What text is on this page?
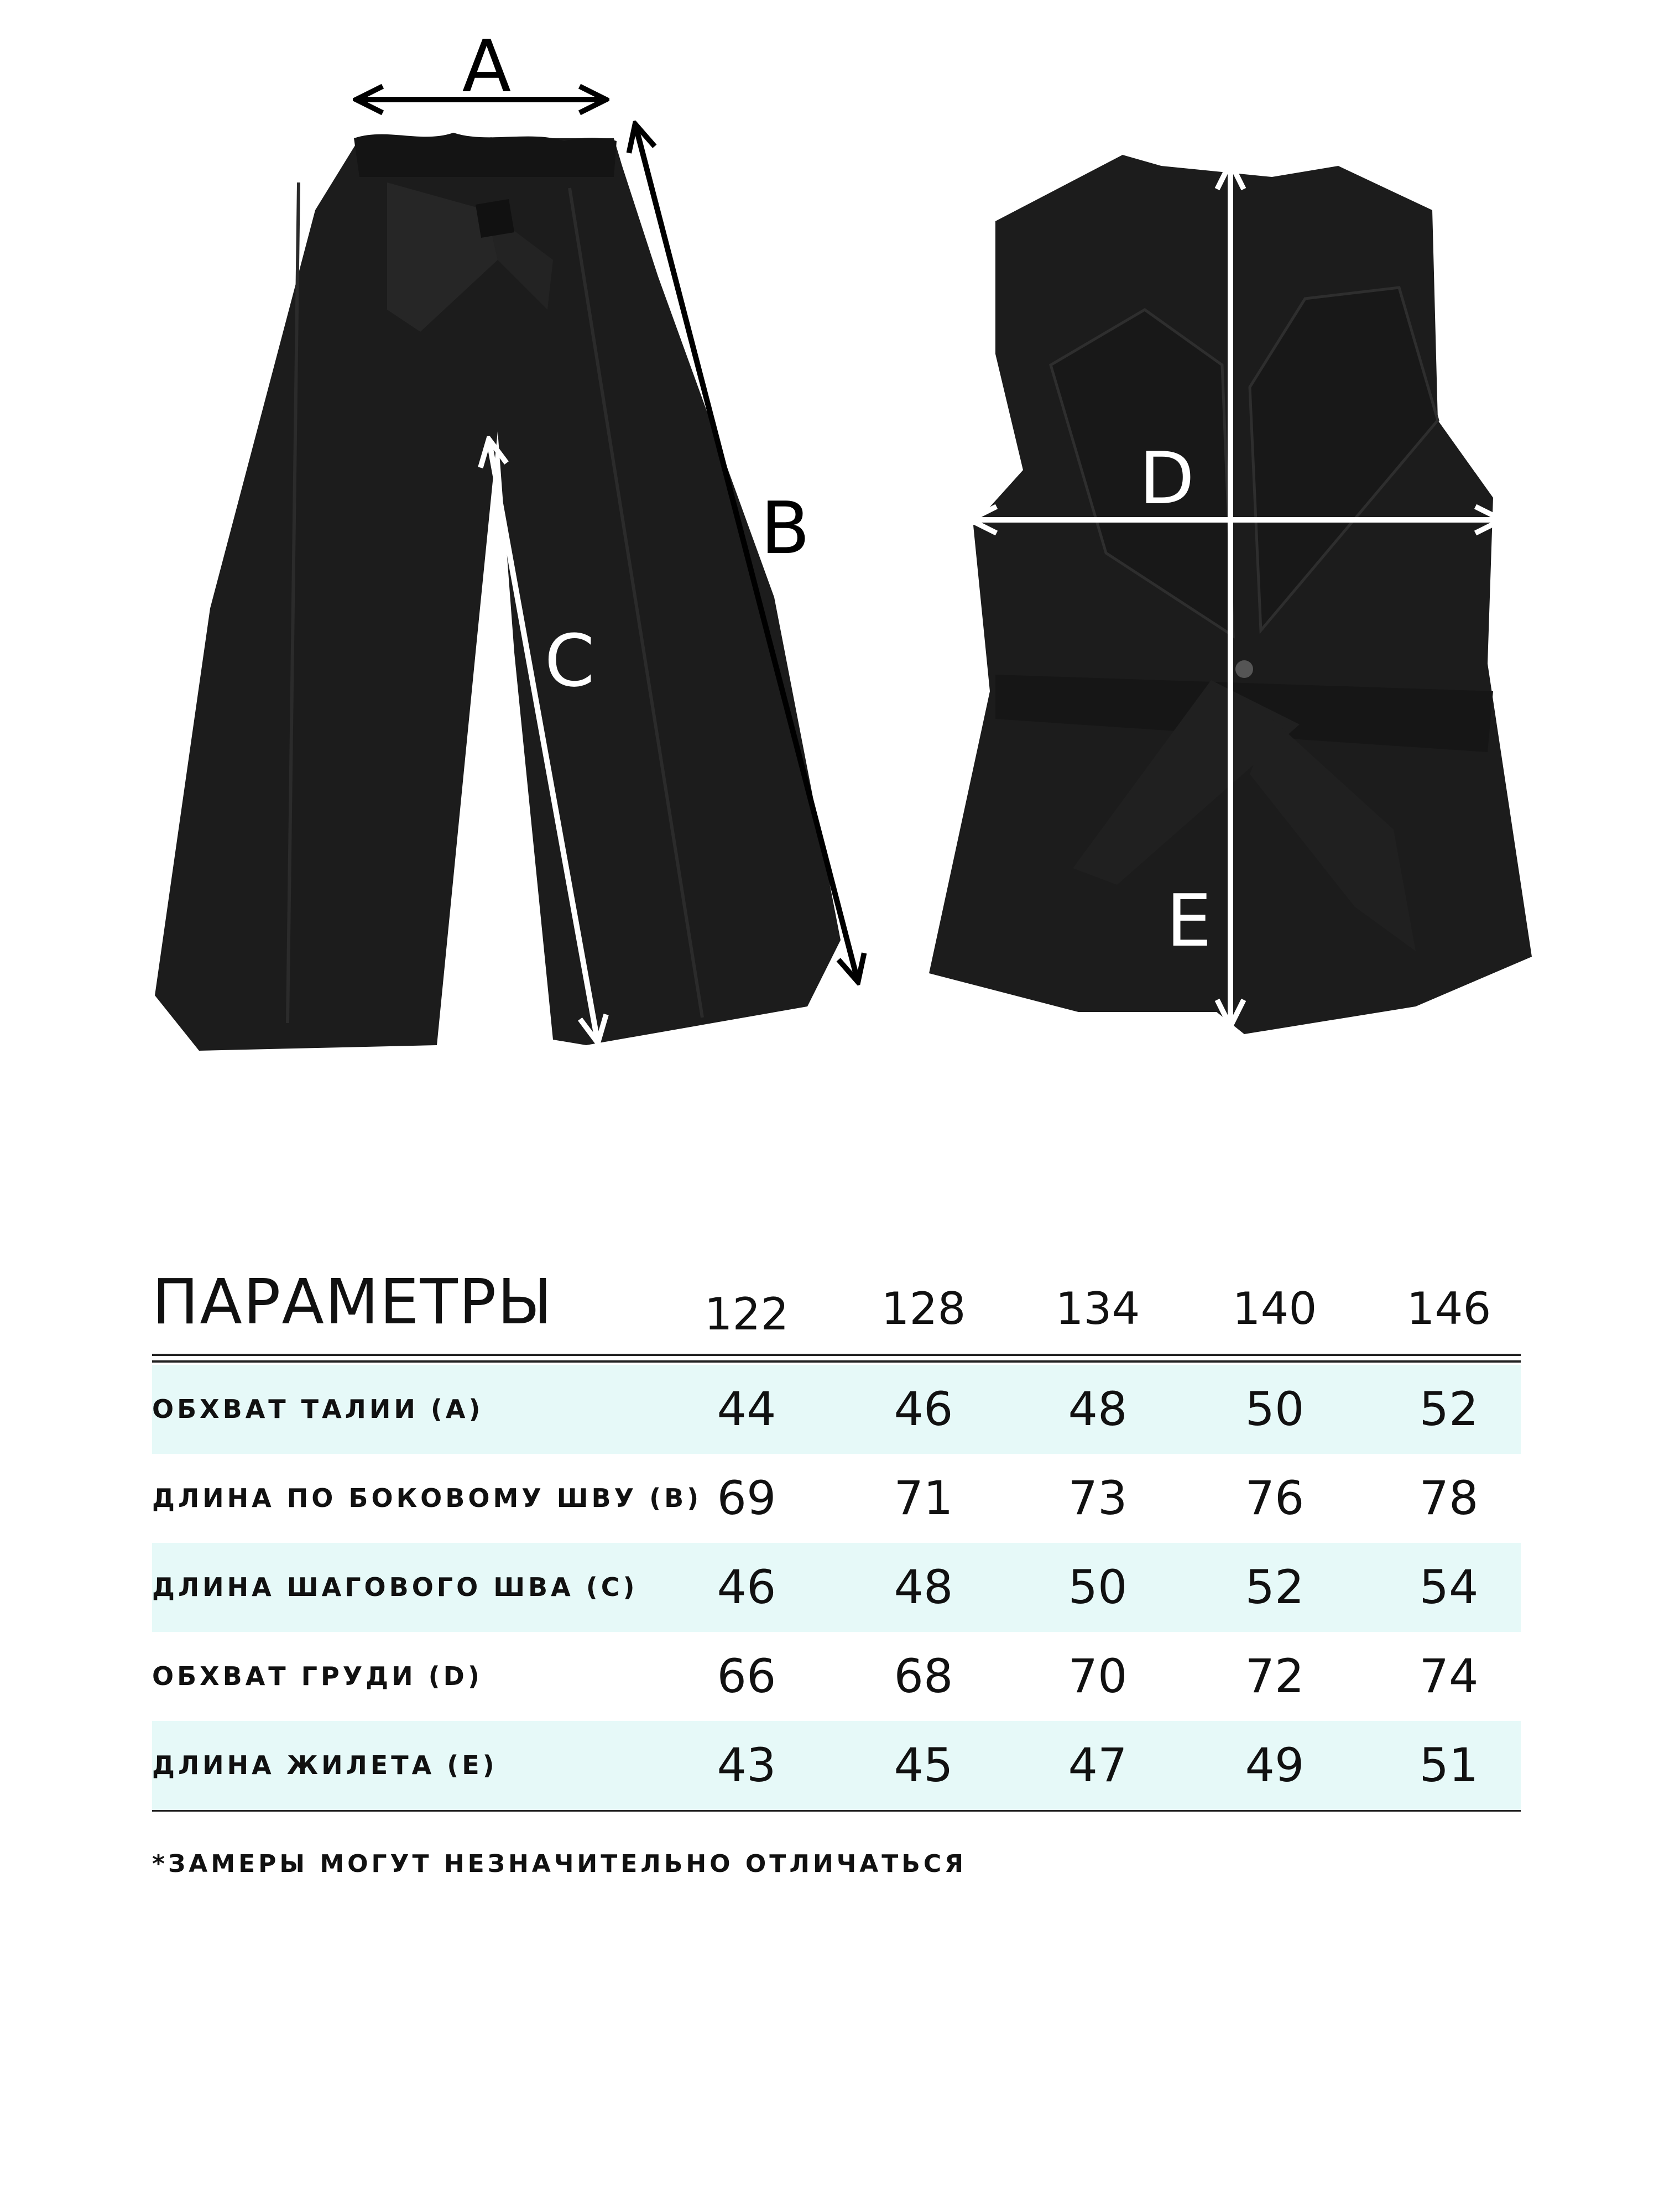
A
B
C
D
E
ПАРАМЕТРЫ	122 128 134 140 146
ОБХВАТ ТАЛИИ (А)	44	46	48	50	52
ДЛИНА ПО БОКОВОМУ ШВУ (В) 69	71	73	76	78
ДЛИНА ШАГОВОГО ШВА (С)	46	48	50	52	54
ОБХВАТ ГРУДИ (D)	66	68	70	72	74
ДЛИНА ЖИЛЕТА (Е)	43	45	47	49	51
*ЗАМЕРЫ МОГУТ НЕЗНАЧИТЕЛЬНО ОТЛИЧАТЬСЯ
